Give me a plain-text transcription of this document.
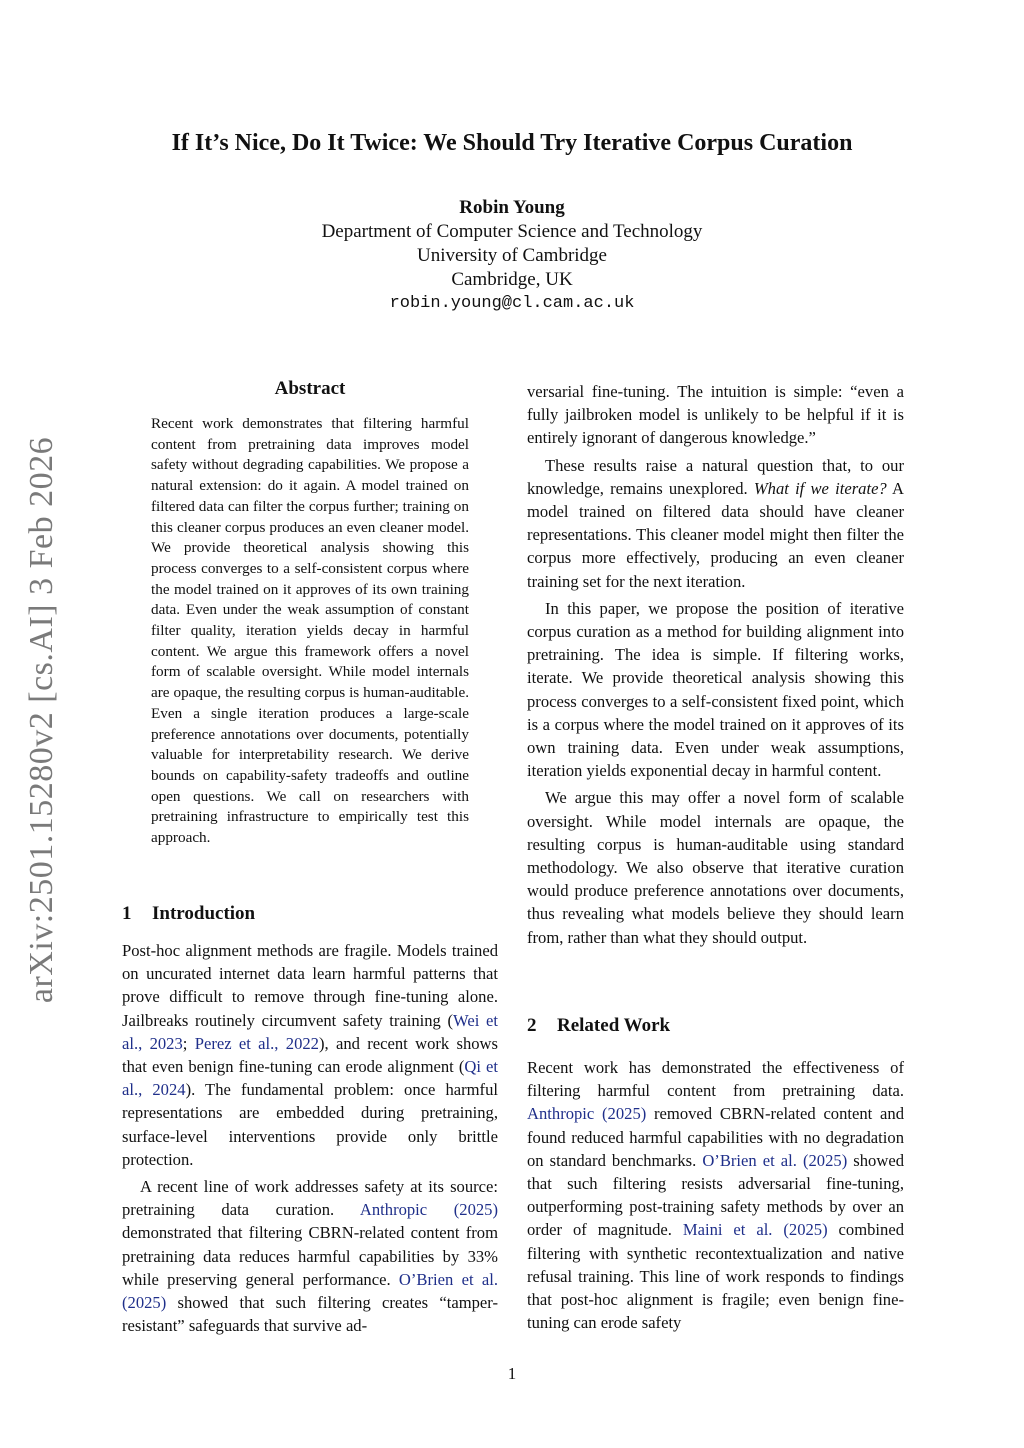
arXiv:2501.15280v2 [cs.AI] 3 Feb 2026
If It’s Nice, Do It Twice: We Should Try Iterative Corpus Curation
Robin Young
Department of Computer Science and Technology
University of Cambridge
Cambridge, UK
robin.young@cl.cam.ac.uk
Abstract
Recent work demonstrates that filtering harmful content from pretraining data improves model safety without degrading capabilities. We propose a natural extension: do it again. A model trained on filtered data can filter the corpus further; training on this cleaner corpus produces an even cleaner model. We provide theoretical analysis showing this process converges to a self-consistent corpus where the model trained on it approves of its own training data. Even under the weak assumption of constant filter quality, iteration yields decay in harmful content. We argue this framework offers a novel form of scalable oversight. While model internals are opaque, the resulting corpus is human-auditable. Even a single iteration produces a large-scale preference annotations over documents, potentially valuable for interpretability research. We derive bounds on capability-safety tradeoffs and outline open questions. We call on researchers with pretraining infrastructure to empirically test this approach.
1 Introduction

Post-hoc alignment methods are fragile. Models trained on uncurated internet data learn harmful patterns that prove difficult to remove through fine-tuning alone. Jailbreaks routinely circumvent safety training (Wei et al., 2023; Perez et al., 2022), and recent work shows that even benign fine-tuning can erode alignment (Qi et al., 2024). The fundamental problem: once harmful representations are embedded during pretraining, surface-level interventions provide only brittle protection.

A recent line of work addresses safety at its source: pretraining data curation. Anthropic (2025) demonstrated that filtering CBRN-related content from pretraining data reduces harmful capabilities by 33% while preserving general performance. O’Brien et al. (2025) showed that such filtering creates “tamper-resistant” safeguards that survive ad-

versarial fine-tuning. The intuition is simple: “even a fully jailbroken model is unlikely to be helpful if it is entirely ignorant of dangerous knowledge.”

These results raise a natural question that, to our knowledge, remains unexplored. What if we iterate? A model trained on filtered data should have cleaner representations. This cleaner model might then filter the corpus more effectively, producing an even cleaner training set for the next iteration.

In this paper, we propose the position of iterative corpus curation as a method for building alignment into pretraining. The idea is simple. If filtering works, iterate. We provide theoretical analysis showing this process converges to a self-consistent fixed point, which is a corpus where the model trained on it approves of its own training data. Even under weak assumptions, iteration yields exponential decay in harmful content.

We argue this may offer a novel form of scalable oversight. While model internals are opaque, the resulting corpus is human-auditable using standard methodology. We also observe that iterative curation would produce preference annotations over documents, thus revealing what models believe they should learn from, rather than what they should output.

2 Related Work

Recent work has demonstrated the effectiveness of filtering harmful content from pretraining data. Anthropic (2025) removed CBRN-related content and found reduced harmful capabilities with no degradation on standard benchmarks. O’Brien et al. (2025) showed that such filtering resists adversarial fine-tuning, outperforming post-training safety methods by over an order of magnitude. Maini et al. (2025) combined filtering with synthetic recontextualization and native refusal training. This line of work responds to findings that post-hoc alignment is fragile; even benign fine-tuning can erode safety

1
